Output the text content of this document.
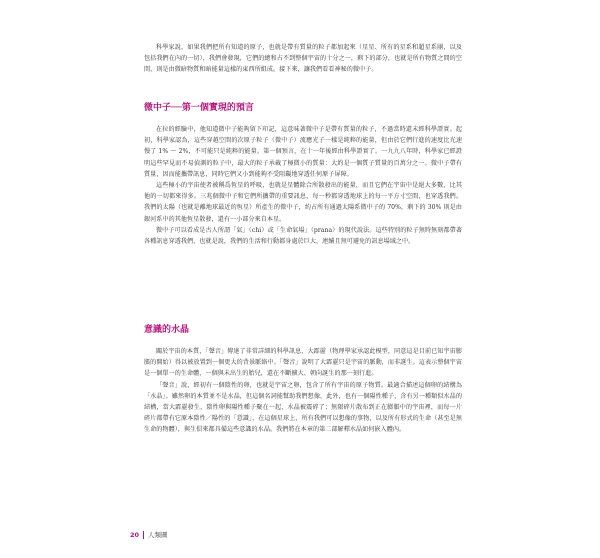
科學家說，如果我們把所有知道的原子，也就是帶有質量的粒子都加起來（星星、所有的星系和超星系團，以及包括我們在內的一切），我們會發現，它們的總和占不到整個宇宙的十分之一，剩下的部分，也就是所有物質之間的空間，則是由微暗物質和暗能量這樣的東西所組成。接下來，讓我們看看神秘的微中子。

微中子──第一個實現的預言

在拉的經驗中，他知道微中子能夠留下印記，這意味著微中子是帶有質量的粒子，不過當時還未經科學證實。起初，科學家認為，這些穿越空間的次原子粒子（微中子）流應光子一樣是純粹的能量，但由於它們行進的速度比光速慢了 1% ～ 2%，不可能只是純粹的能量。第一個預言，在十一年後經由科學證實了。一九九八年時，科學家已經證明這些罕見而不易偵測的粒子中，最大的粒子承載了極微小的質量：大約是一個質子質量的百萬分之一。微中子帶有質量，因而能攜帶訊息，同時它們又小到能夠不受阻礙地穿透任何原子屏障。

這些極小的宇宙使者被稱爲恆星的呼吸，也就是星體除合所散發出的能量，而且它們在宇宙中是絕大多數，比其他的一切都來得多。三兆個微中子和它們所攜帶的重要訊息，每一秒都穿透地球上的每一平方寸空間，也穿透我們。我們的太陽（也就是離地球最近的恆星）所產生的微中子，約占所有通過太陽系微中子的 70%，剩下的 30% 則是由銀河系中的其他恆星散發，還有一小部分來自本星。

微中子可以看成是古人所謂「氣」（chi）或「生命氣場」（prana）的現代說法。這些特別的粒子無時無刻都帶著各種訊息穿透我們，也就是說，我們的生活和行動都身處於巨大、連續且無可避免的訊息場域之中。

意識的水晶

關於宇宙的本質，「聲音」傳達了非常詳細的科學訊息，大霹靂（物理學家承認此模型，同意這是目前已知宇宙膨脹的開始）得以被放置到一個更大的背景脈絡中。「聲音」說明了大霹靂只是宇宙的脈動，而非誕生。這表示整個宇宙是一個單一的生命體，一個與未出生的胎兒，還在不斷擴大、朝向誕生的那一刻行進。

「聲音」說，經初有一個陰性的卵，也就是宇宙之卵，包含了所有宇宙的原子物質。最適合描述這個卵的結構為「水晶」。雖然卵的本質並不是水晶，但這個名詞能幫助我們想像，此外，也有一個陽性種子，含有另一種類似水晶的結構，當大霹靂發生，陰性卵與陽性種子聚在一起，水晶被震碎了；無限碎片散布到正在膨脹中的宇宙裡，而每一片碎片都帶有它原本陰性／陽性的「意識」，在這個星球上，所有我們可以想像的事物，以及所有形式的生命（甚至是無生命的物體），與生俱來都具備這些意識的水晶。我們將在本章的第二部解釋水晶如何嵌入體內。

20 人類圖
